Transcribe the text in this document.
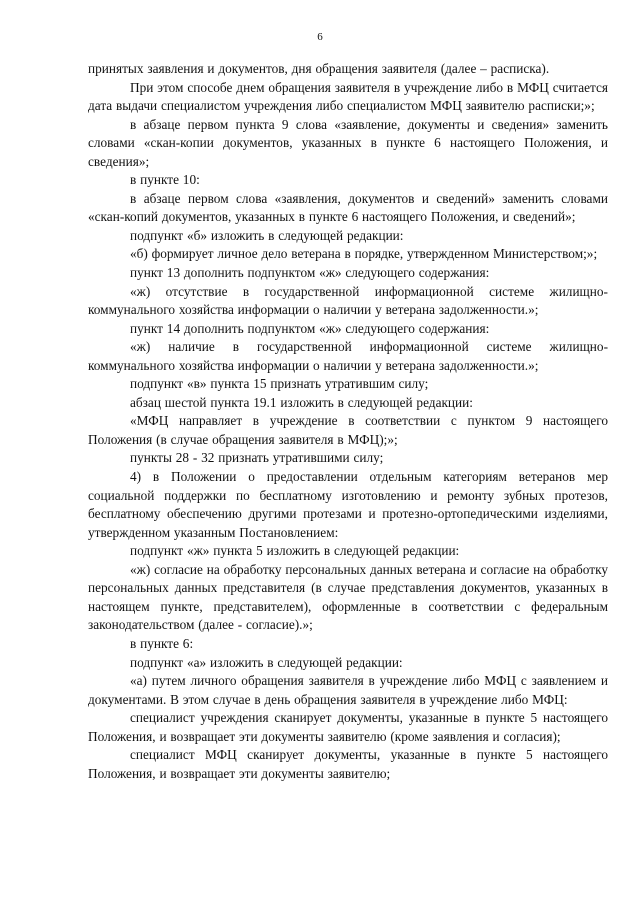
6

принятых заявления и документов, дня обращения заявителя (далее – расписка).

При этом способе днем обращения заявителя в учреждение либо в МФЦ считается дата выдачи специалистом учреждения либо специалистом МФЦ заявителю расписки;»;

в абзаце первом пункта 9 слова «заявление, документы и сведения» заменить словами «скан-копии документов, указанных в пункте 6 настоящего Положения, и сведения»;

в пункте 10:

в абзаце первом слова «заявления, документов и сведений» заменить словами «скан-копий документов, указанных в пункте 6 настоящего Положения, и сведений»;

подпункт «б» изложить в следующей редакции:

«б) формирует личное дело ветерана в порядке, утвержденном Министерством;»;

пункт 13 дополнить подпунктом «ж» следующего содержания:

«ж) отсутствие в государственной информационной системе жилищно-коммунального хозяйства информации о наличии у ветерана задолженности.»;

пункт 14 дополнить подпунктом «ж» следующего содержания:

«ж) наличие в государственной информационной системе жилищно-коммунального хозяйства информации о наличии у ветерана задолженности.»;

подпункт «в» пункта 15 признать утратившим силу;

абзац шестой пункта 19.1 изложить в следующей редакции:

«МФЦ направляет в учреждение в соответствии с пунктом 9 настоящего Положения (в случае обращения заявителя в МФЦ);»;

пункты 28 - 32 признать утратившими силу;

4) в Положении о предоставлении отдельным категориям ветеранов мер социальной поддержки по бесплатному изготовлению и ремонту зубных протезов, бесплатному обеспечению другими протезами и протезно-ортопедическими изделиями, утвержденном указанным Постановлением:

подпункт «ж» пункта 5 изложить в следующей редакции:

«ж) согласие на обработку персональных данных ветерана и согласие на обработку персональных данных представителя (в случае представления документов, указанных в настоящем пункте, представителем), оформленные в соответствии с федеральным законодательством (далее - согласие).»;

в пункте 6:

подпункт «а» изложить в следующей редакции:

«а) путем личного обращения заявителя в учреждение либо МФЦ с заявлением и документами. В этом случае в день обращения заявителя в учреждение либо МФЦ:

специалист учреждения сканирует документы, указанные в пункте 5 настоящего Положения, и возвращает эти документы заявителю (кроме заявления и согласия);

специалист МФЦ сканирует документы, указанные в пункте 5 настоящего Положения, и возвращает эти документы заявителю;
